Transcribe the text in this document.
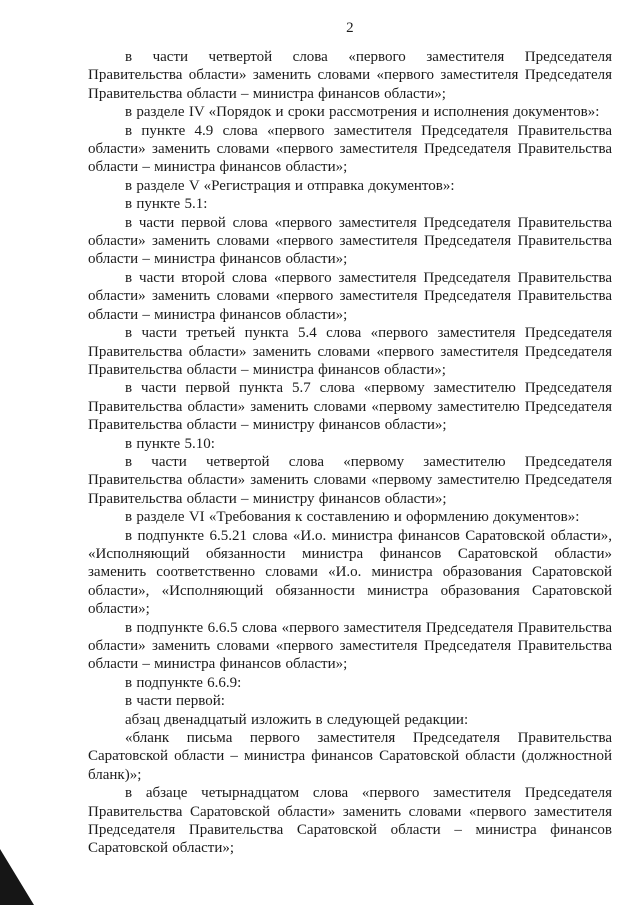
2

в части четвертой слова «первого заместителя Председателя Правительства области» заменить словами «первого заместителя Председателя Правительства области – министра финансов области»;

в разделе IV «Порядок и сроки рассмотрения и исполнения документов»:

в пункте 4.9 слова «первого заместителя Председателя Правительства области» заменить словами «первого заместителя Председателя Правительства области – министра финансов области»;

в разделе V «Регистрация и отправка документов»:

в пункте 5.1:

в части первой слова «первого заместителя Председателя Правительства области» заменить словами «первого заместителя Председателя Правительства области – министра финансов области»;

в части второй слова «первого заместителя Председателя Правительства области» заменить словами «первого заместителя Председателя Правительства области – министра финансов области»;

в части третьей пункта 5.4 слова «первого заместителя Председателя Правительства области» заменить словами «первого заместителя Председателя Правительства области – министра финансов области»;

в части первой пункта 5.7 слова «первому заместителю Председателя Правительства области» заменить словами «первому заместителю Председателя Правительства области – министру финансов области»;

в пункте 5.10:

в части четвертой слова «первому заместителю Председателя Правительства области» заменить словами «первому заместителю Председателя Правительства области – министру финансов области»;

в разделе VI «Требования к составлению и оформлению документов»:

в подпункте 6.5.21 слова «И.о. министра финансов Саратовской области», «Исполняющий обязанности министра финансов Саратовской области» заменить соответственно словами «И.о. министра образования Саратовской области», «Исполняющий обязанности министра образования Саратовской области»;

в подпункте 6.6.5 слова «первого заместителя Председателя Правительства области» заменить словами «первого заместителя Председателя Правительства области – министра финансов области»;

в подпункте 6.6.9:

в части первой:

абзац двенадцатый изложить в следующей редакции:

«бланк письма первого заместителя Председателя Правительства Саратовской области – министра финансов Саратовской области (должностной бланк)»;

в абзаце четырнадцатом слова «первого заместителя Председателя Правительства Саратовской области» заменить словами «первого заместителя Председателя Правительства Саратовской области – министра финансов Саратовской области»;
